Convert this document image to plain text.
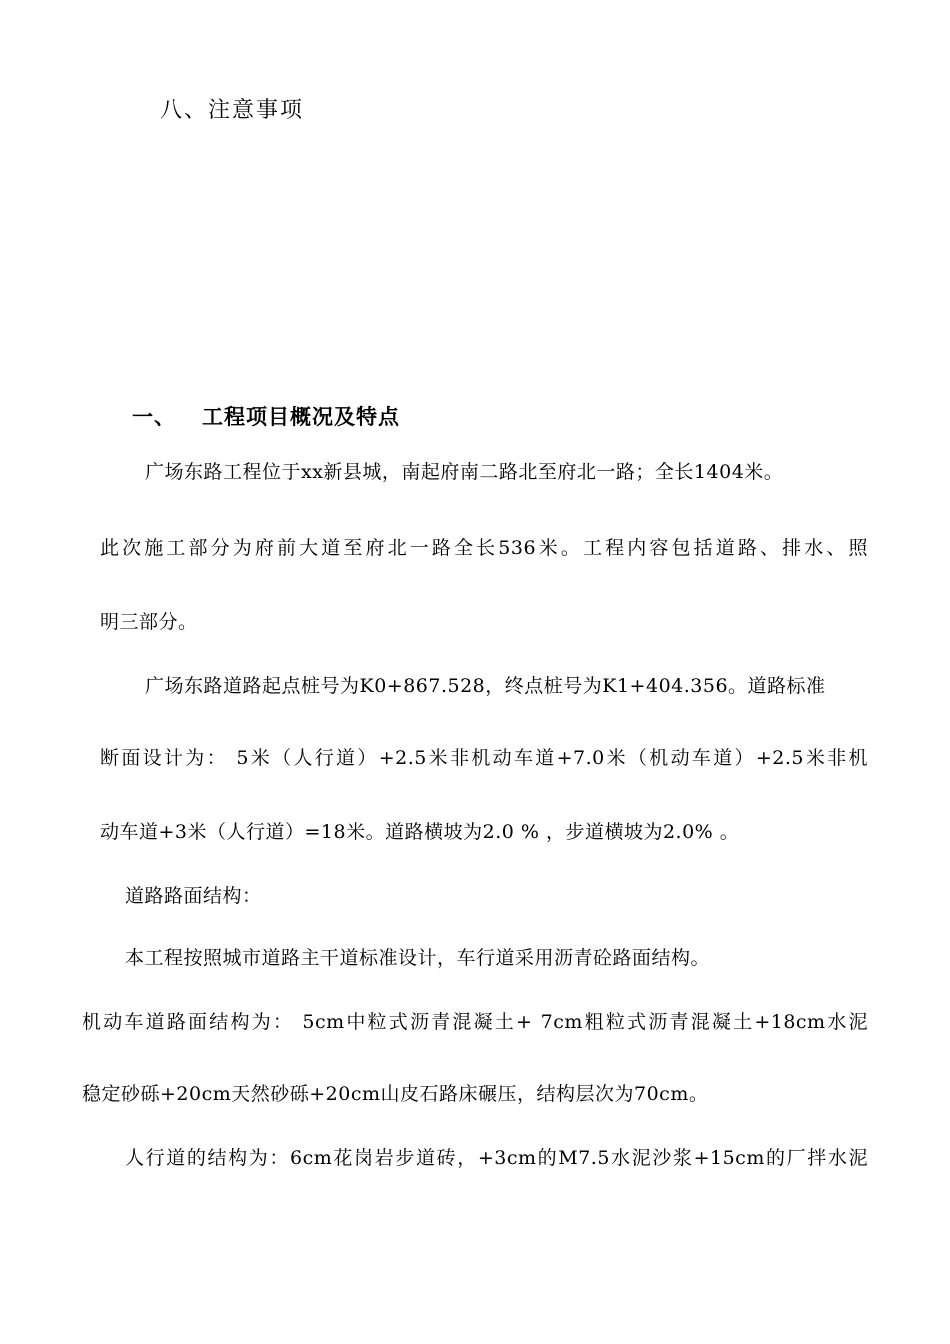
八、注意事项
一、 工程项目概况及特点
广场东路工程位于xx新县城，南起府南二路北至府北一路；全长1404米。
此次施工部分为府前大道至府北一路全长536米。工程内容包括道路、排水、照
明三部分。
广场东路道路起点桩号为K0+867.528，终点桩号为K1+404.356。道路标准
断面设计为： 5米（人行道）+2.5米非机动车道+7.0米（机动车道）+2.5米非机
动车道+3米（人行道）=18米。道路横坡为2.0 % ，步道横坡为2.0% 。
道路路面结构：
本工程按照城市道路主干道标准设计，车行道采用沥青砼路面结构。
机动车道路面结构为： 5cm中粒式沥青混凝土+ 7cm粗粒式沥青混凝土+18cm水泥
稳定砂砾+20cm天然砂砾+20cm山皮石路床碾压，结构层次为70cm。
人行道的结构为：6cm花岗岩步道砖，+3cm的M7.5水泥沙浆+15cm的厂拌水泥
